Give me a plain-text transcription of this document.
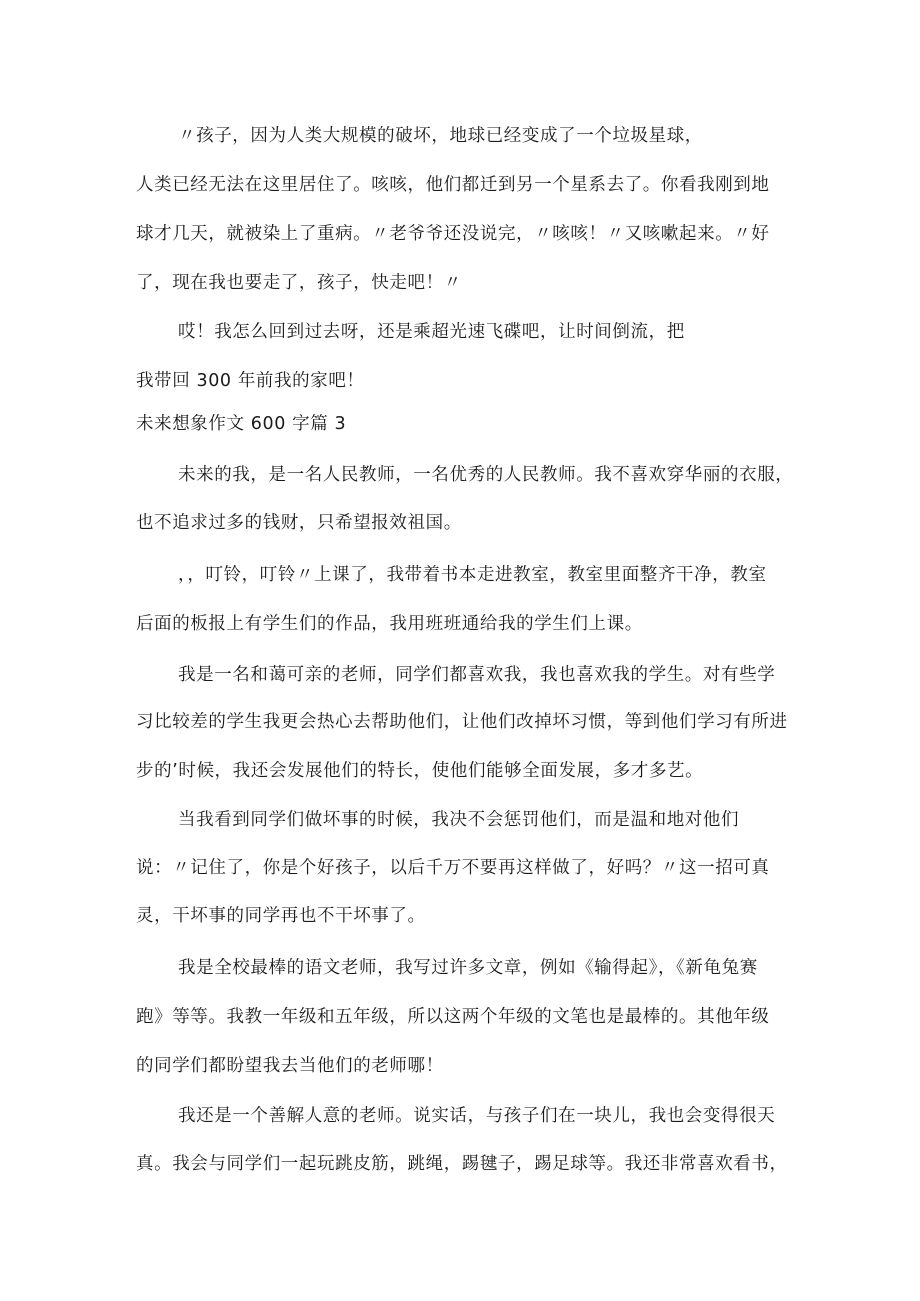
〃孩子，因为人类大规模的破坏，地球已经变成了一个垃圾星球，
人类已经无法在这里居住了。咳咳，他们都迁到另一个星系去了。你看我刚到地
球才几天，就被染上了重病。〃老爷爷还没说完，〃咳咳！〃又咳嗽起来。〃好
了，现在我也要走了，孩子，快走吧！〃
哎！我怎么回到过去呀，还是乘超光速飞碟吧，让时间倒流，把
我带回 300 年前我的家吧！
未来想象作文 600 字篇 3
未来的我，是一名人民教师，一名优秀的人民教师。我不喜欢穿华丽的衣服，
也不追求过多的钱财，只希望报效祖国。
，，叮铃，叮铃〃上课了，我带着书本走进教室，教室里面整齐干净，教室
后面的板报上有学生们的作品，我用班班通给我的学生们上课。
我是一名和蔼可亲的老师，同学们都喜欢我，我也喜欢我的学生。对有些学
习比较差的学生我更会热心去帮助他们，让他们改掉坏习惯，等到他们学习有所进
步的’时候，我还会发展他们的特长，使他们能够全面发展，多才多艺。
当我看到同学们做坏事的时候，我决不会惩罚他们，而是温和地对他们
说：〃记住了，你是个好孩子，以后千万不要再这样做了，好吗？〃这一招可真
灵，干坏事的同学再也不干坏事了。
我是全校最棒的语文老师，我写过许多文章，例如《输得起》，《新龟兔赛
跑》等等。我教一年级和五年级，所以这两个年级的文笔也是最棒的。其他年级
的同学们都盼望我去当他们的老师哪！
我还是一个善解人意的老师。说实话，与孩子们在一块儿，我也会变得很天
真。我会与同学们一起玩跳皮筋，跳绳，踢毽子，踢足球等。我还非常喜欢看书，
